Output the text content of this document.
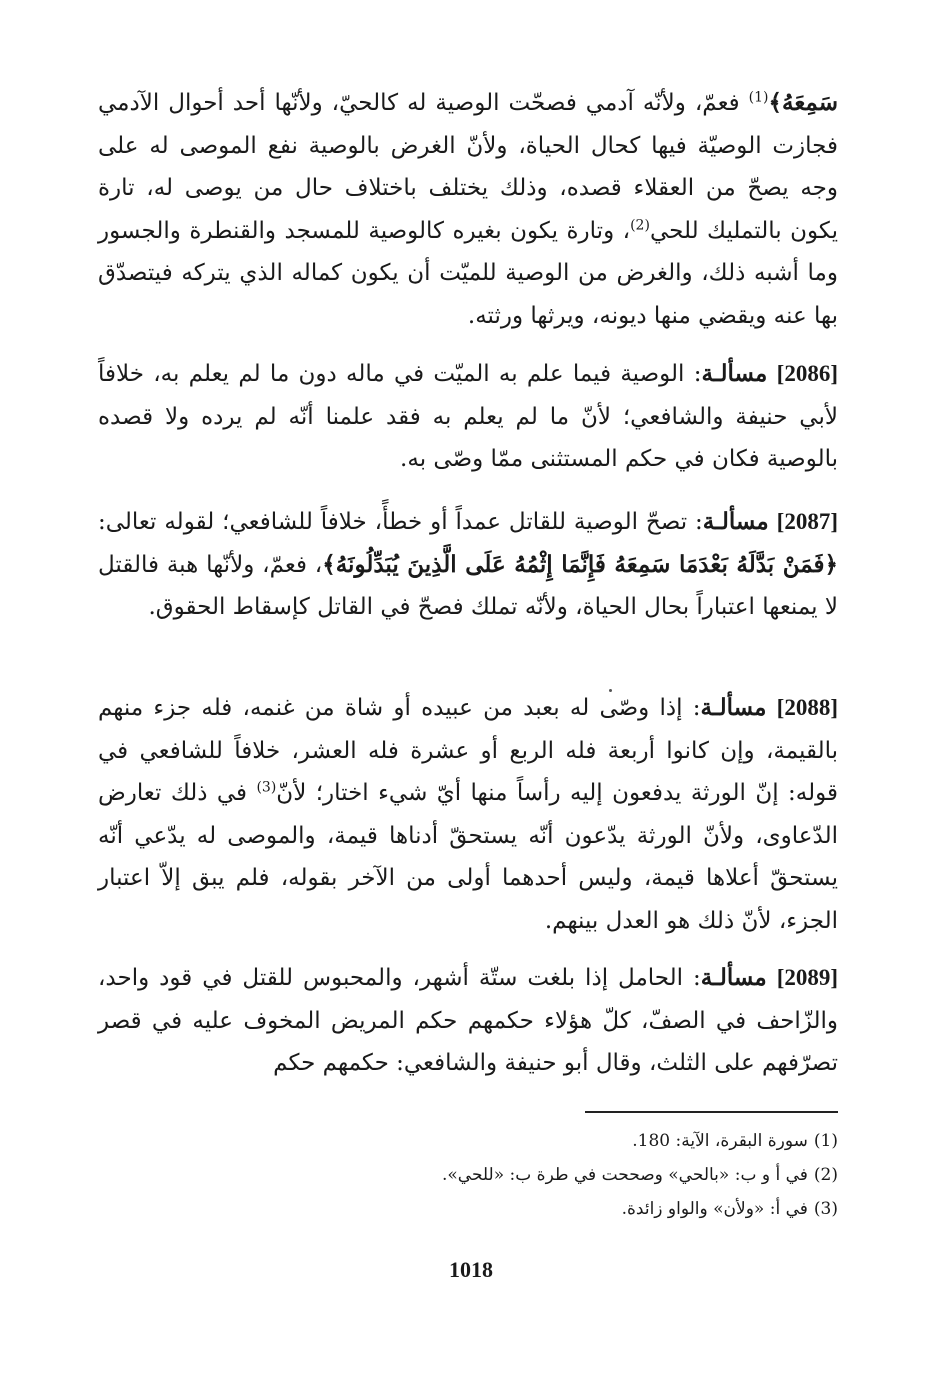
سَمِعَهُ﴾$^{(1)}$ فعمّ، ولأنّه آدمي فصحّت الوصية له كالحيّ، ولأنّها أحد أحوال الآدمي فجازت الوصيّة فيها كحال الحياة، ولأنّ الغرض بالوصية نفع الموصى له على وجه يصحّ من العقلاء قصده، وذلك يختلف باختلاف حال من يوصى له، تارة يكون بالتمليك للحي$^{(2)}$، وتارة يكون بغيره كالوصية للمسجد والقنطرة والجسور وما أشبه ذلك، والغرض من الوصية للميّت أن يكون كماله الذي يتركه فيتصدّق بها عنه ويقضي منها ديونه، ويرثها ورثته.
[2086] مسألـة: الوصية فيما علم به الميّت في ماله دون ما لم يعلم به، خلافاً لأبي حنيفة والشافعي؛ لأنّ ما لم يعلم به فقد علمنا أنّه لم يرده ولا قصده بالوصية فكان في حكم المستثنى ممّا وصّى به.
[2087] مسألـة: تصحّ الوصية للقاتل عمداً أو خطأً، خلافاً للشافعي؛ لقوله تعالى: ﴿فَمَنْ بَدَّلَهُ بَعْدَمَا سَمِعَهُ فَإِنَّمَا إِثْمُهُ عَلَى الَّذِينَ يُبَدِّلُونَهُ﴾، فعمّ، ولأنّها هبة فالقتل لا يمنعها اعتباراً بحال الحياة، ولأنّه تملك فصحّ في القاتل كإسقاط الحقوق.
[2088] مسألـة: إذا وصّى له بعبد من عبيده أو شاة من غنمه، فله جزء منهم بالقيمة، وإن كانوا أربعة فله الربع أو عشرة فله العشر، خلافاً للشافعي في قوله: إنّ الورثة يدفعون إليه رأساً منها أيّ شيء اختار؛ لأنّ$^{(3)}$ في ذلك تعارض الدّعاوى، ولأنّ الورثة يدّعون أنّه يستحقّ أدناها قيمة، والموصى له يدّعي أنّه يستحقّ أعلاها قيمة، وليس أحدهما أولى من الآخر بقوله، فلم يبق إلاّ اعتبار الجزء، لأنّ ذلك هو العدل بينهم.
[2089] مسألـة: الحامل إذا بلغت ستّة أشهر، والمحبوس للقتل في قود واحد، والزّاحف في الصفّ، كلّ هؤلاء حكمهم حكم المريض المخوف عليه في قصر تصرّفهم على الثلث، وقال أبو حنيفة والشافعي: حكمهم حكم
(1)سورة البقرة، الآية: 180.
(2)في أ و ب: «بالحي» وصححت في طرة ب: «للحي».
(3)في أ: «ولأن» والواو زائدة.
1018
